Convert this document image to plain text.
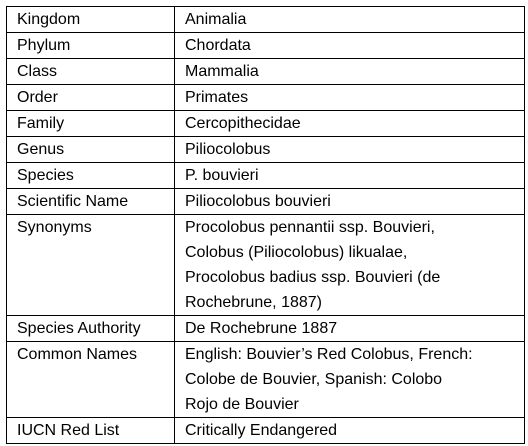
Kingdom	Animalia

Phylum	Chordata

Class	Mammalia

Order	Primates

Family	Cercopithecidae

Genus	Piliocolobus

Species	P. bouvieri

Scientific Name	Piliocolobus bouvieri

Synonyms	Procolobus pennantii ssp. Bouvieri,
Colobus (Piliocolobus) likualae,
Procolobus badius ssp. Bouvieri (de
Rochebrune, 1887)

Species Authority	De Rochebrune 1887

Common Names	English: Bouvier’s Red Colobus, French:
Colobe de Bouvier, Spanish: Colobo
Rojo de Bouvier

IUCN Red List	Critically Endangered
